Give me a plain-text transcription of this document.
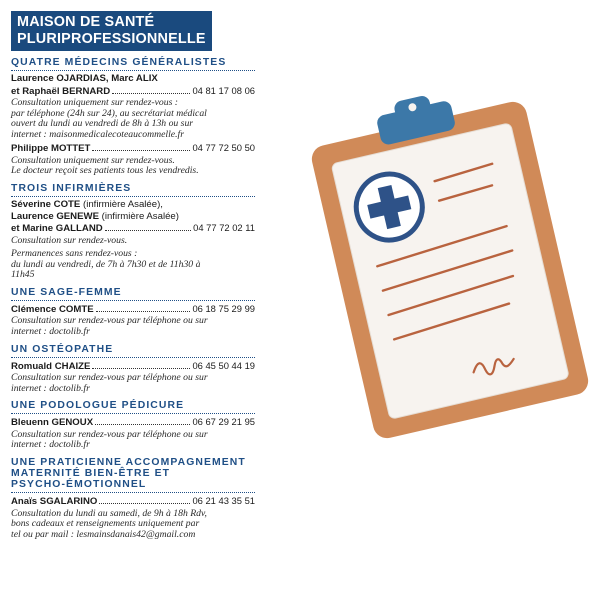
MAISON DE SANTÉ
PLURIPROFESSIONNELLE
QUATRE MÉDECINS GÉNÉRALISTES
Laurence OJARDIAS, Marc ALIX
et Raphaël BERNARD	04 81 17 08 06
Consultation uniquement sur rendez-vous :
par téléphone (24h sur 24), au secrétariat médical
ouvert du lundi au vendredi de 8h à 13h ou sur
internet : maisonmedicalecoteaucommelle.fr
Philippe MOTTET	04 77 72 50 50
Consultation uniquement sur rendez-vous.
Le docteur reçoit ses patients tous les vendredis.
TROIS INFIRMIÈRES
Séverine COTE (infirmière Asalée),
Laurence GENEWE (infirmière Asalée)
et Marine GALLAND	04 77 72 02 11
Consultation sur rendez-vous.
Permanences sans rendez-vous :
du lundi au vendredi, de 7h à 7h30 et de 11h30 à
11h45
UNE SAGE-FEMME
Clémence COMTE	06 18 75 29 99
Consultation sur rendez-vous par téléphone ou sur
internet : doctolib.fr
UN OSTÉOPATHE
Romuald CHAIZE	06 45 50 44 19
Consultation sur rendez-vous par téléphone ou sur
internet : doctolib.fr
UNE PODOLOGUE PÉDICURE
Bleuenn GENOUX	06 67 29 21 95
Consultation sur rendez-vous par téléphone ou sur
internet : doctolib.fr
UNE PRATICIENNE ACCOMPAGNEMENT
MATERNITÉ BIEN-ÊTRE ET
PSYCHO-ÉMOTIONNEL
Anaïs SGALARINO	06 21 43 35 51
Consultation du lundi au samedi, de 9h à 18h Rdv,
bons cadeaux et renseignements uniquement par
tel ou par mail : lesmainsdanais42@gmail.com
